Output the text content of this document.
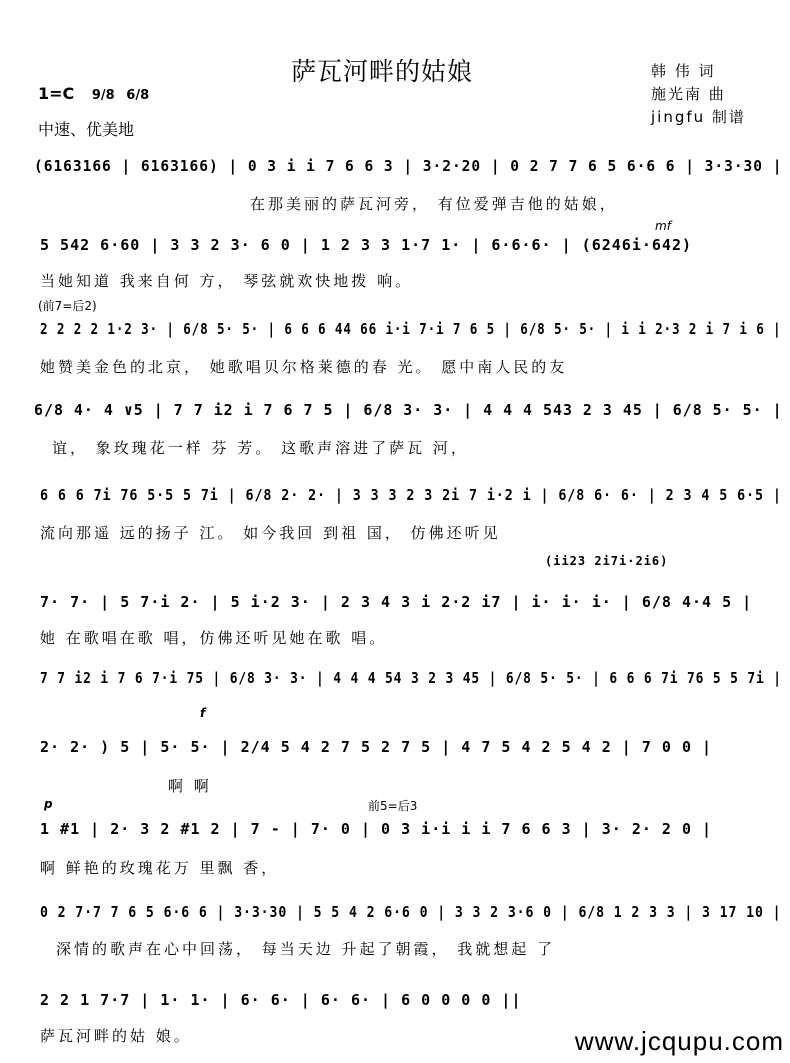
萨瓦河畔的姑娘	韩 伟 词
施光南 曲
jingfu 制谱
1=C 9/8 6/8
中速、优美地
(6163166 | 6163166) | 0 3 i i 7 6 6 3 | 3·2·20 | 0 2 7 7 6 5 6·6 6 | 3·3·30 |
在那美丽的萨瓦河旁， 有位爱弹吉他的姑娘，
mf
5 542 6·60 | 3 3 2 3· 6 0 | 1 2 3 3 1·7 1· | 6·6·6· | (6246i·642)
当她知道 我来自何 方， 琴弦就欢快地拨 响。
(前7=后2)
2 2 2 2 1·2 3· | 6/8 5· 5· | 6 6 6 44 66 i·i 7·i 7 6 5 | 6/8 5· 5· | i i 2·3 2 i 7 i 6 |
她赞美金色的北京， 她歌唱贝尔格莱德的春 光。 愿中南人民的友
6/8 4· 4 ∨5 | 7 7 i2 i 7 6 7 5 | 6/8 3· 3· | 4 4 4 543 2 3 45 | 6/8 5· 5· |
谊， 象玫瑰花一样 芬 芳。 这歌声溶进了萨瓦 河，
6 6 6 7i 76 5·5 5 7i | 6/8 2· 2· | 3 3 3 2 3 2i 7 i·2 i | 6/8 6· 6· | 2 3 4 5 6·5 |
流向那遥 远的扬子 江。 如今我回 到祖 国， 仿佛还听见
(ii23 2i7i·2i6)
7· 7· | 5 7·i 2· | 5 i·2 3· | 2 3 4 3 i 2·2 i7 | i· i· i· | 6/8 4·4 5 |
她 在歌唱在歌 唱，仿佛还听见她在歌 唱。
7 7 i2 i 7 6 7·i 75 | 6/8 3· 3· | 4 4 4 54 3 2 3 45 | 6/8 5· 5· | 6 6 6 7i 76 5 5 7i |
f
2· 2· ) 5 | 5· 5· | 2/4 5 4 2 7 5 2 7 5 | 4 7 5 4 2 5 4 2 | 7 0 0 |
啊 啊
p	前5=后3
1 #1 | 2· 3 2 #1 2 | 7 - | 7· 0 | 0 3 i·i i i 7 6 6 3 | 3· 2· 2 0 |
啊 鲜艳的玫瑰花万 里飘 香，
0 2 7·7 7 6 5 6·6 6 | 3·3·30 | 5 5 4 2 6·6 0 | 3 3 2 3·6 0 | 6/8 1 2 3 3 | 3 17 10 |
深情的歌声在心中回荡， 每当天边 升起了朝霞， 我就想起 了
2 2 1 7·7 | 1· 1· | 6· 6· | 6· 6· | 6 0 0 0 0 ||
萨瓦河畔的姑 娘。	www.jcqupu.com
